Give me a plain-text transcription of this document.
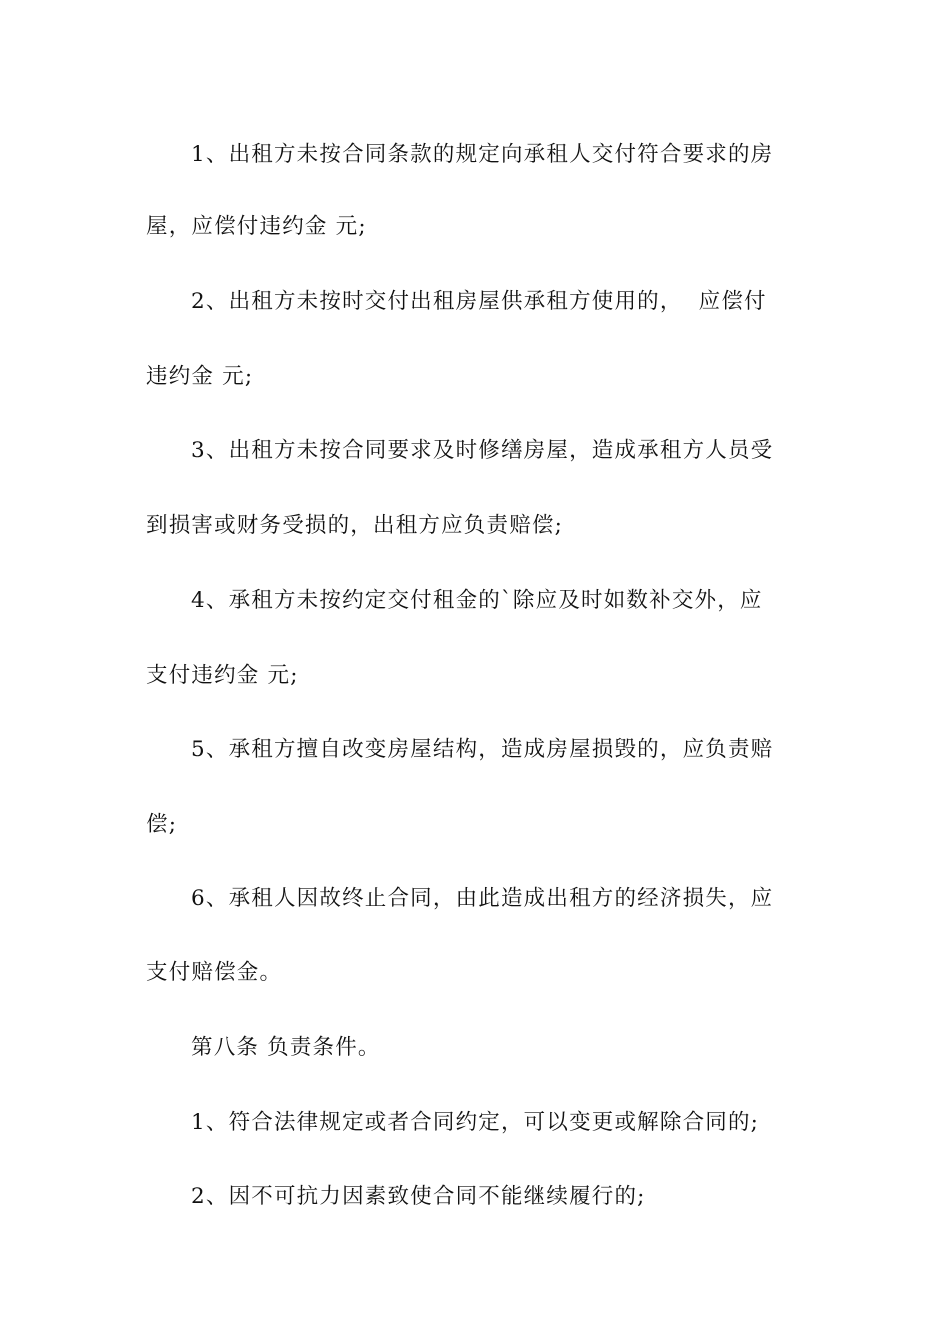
1、出租方未按合同条款的规定向承租人交付符合要求的房
屋，应偿付违约金 元;
2、出租方未按时交付出租房屋供承租方使用的，  应偿付
违约金 元;
3、出租方未按合同要求及时修缮房屋，造成承租方人员受
到损害或财务受损的，出租方应负责赔偿;
4、承租方未按约定交付租金的`除应及时如数补交外，应
支付违约金 元;
5、承租方擅自改变房屋结构，造成房屋损毁的，应负责赔
偿;
6、承租人因故终止合同，由此造成出租方的经济损失，应
支付赔偿金。
第八条 负责条件。
1、符合法律规定或者合同约定，可以变更或解除合同的;
2、因不可抗力因素致使合同不能继续履行的;
